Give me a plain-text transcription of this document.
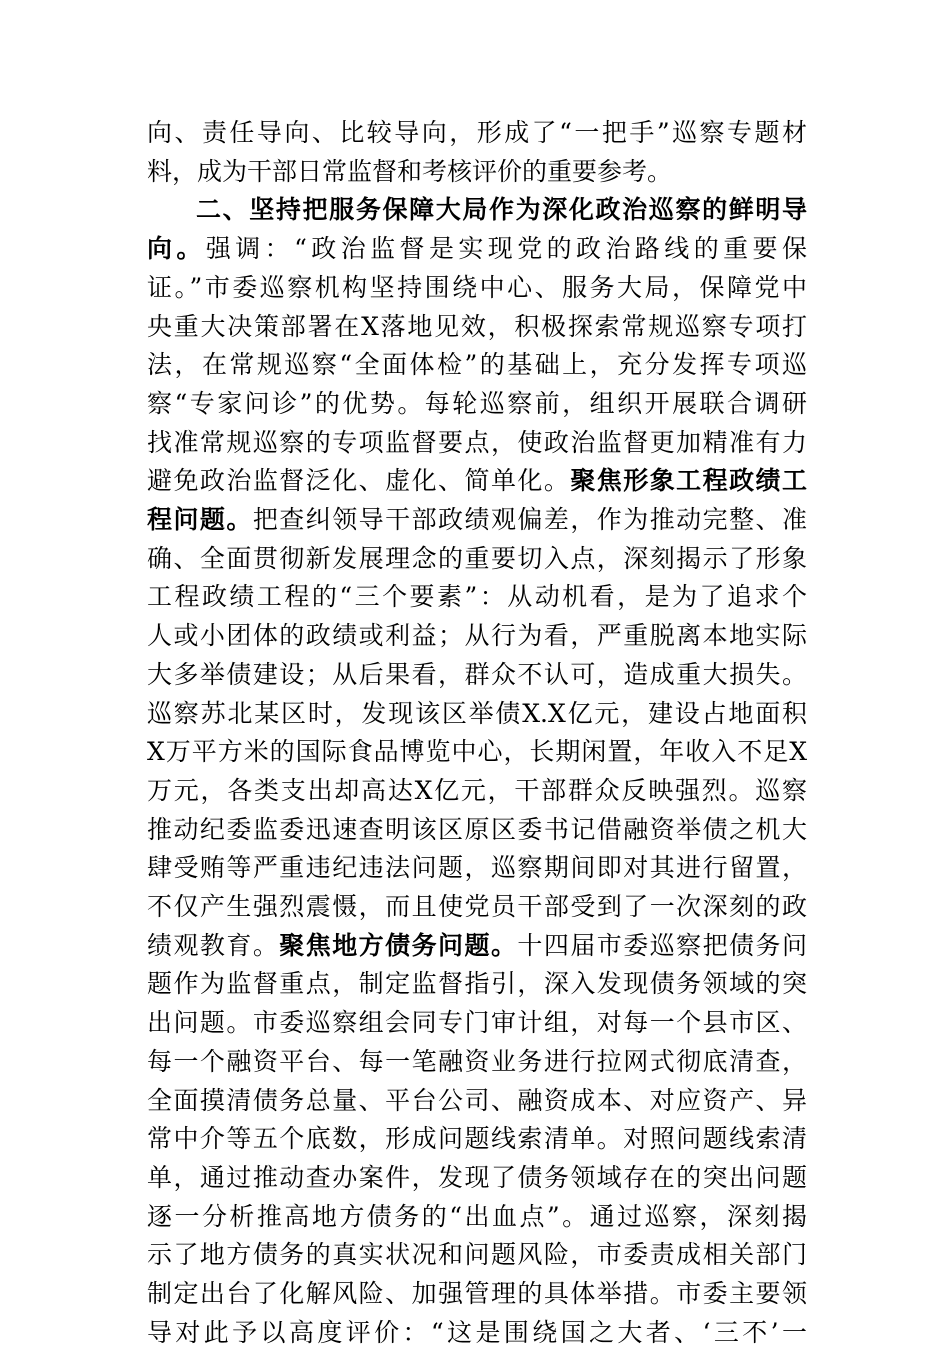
向、责任导向、比较导向，形成了“一把手”巡察专题材
料，成为干部日常监督和考核评价的重要参考。
二、坚持把服务保障大局作为深化政治巡察的鲜明导
向。强调：“政治监督是实现党的政治路线的重要保
证。”市委巡察机构坚持围绕中心、服务大局，保障党中
央重大决策部署在X落地见效，积极探索常规巡察专项打
法，在常规巡察“全面体检”的基础上，充分发挥专项巡
察“专家问诊”的优势。每轮巡察前，组织开展联合调研
找准常规巡察的专项监督要点，使政治监督更加精准有力
避免政治监督泛化、虚化、简单化。聚焦形象工程政绩工
程问题。把查纠领导干部政绩观偏差，作为推动完整、准
确、全面贯彻新发展理念的重要切入点，深刻揭示了形象
工程政绩工程的“三个要素”：从动机看，是为了追求个
人或小团体的政绩或利益；从行为看，严重脱离本地实际
大多举债建设；从后果看，群众不认可，造成重大损失。
巡察苏北某区时，发现该区举债X.X亿元，建设占地面积
X万平方米的国际食品博览中心，长期闲置，年收入不足X
万元，各类支出却高达X亿元，干部群众反映强烈。巡察
推动纪委监委迅速查明该区原区委书记借融资举债之机大
肆受贿等严重违纪违法问题，巡察期间即对其进行留置，
不仅产生强烈震慑，而且使党员干部受到了一次深刻的政
绩观教育。聚焦地方债务问题。十四届市委巡察把债务问
题作为监督重点，制定监督指引，深入发现债务领域的突
出问题。市委巡察组会同专门审计组，对每一个县市区、
每一个融资平台、每一笔融资业务进行拉网式彻底清查，
全面摸清债务总量、平台公司、融资成本、对应资产、异
常中介等五个底数，形成问题线索清单。对照问题线索清
单，通过推动查办案件，发现了债务领域存在的突出问题
逐一分析推高地方债务的“出血点”。通过巡察，深刻揭
示了地方债务的真实状况和问题风险，市委责成相关部门
制定出台了化解风险、加强管理的具体举措。市委主要领
导对此予以高度评价：“这是围绕国之大者、‘三不’一
